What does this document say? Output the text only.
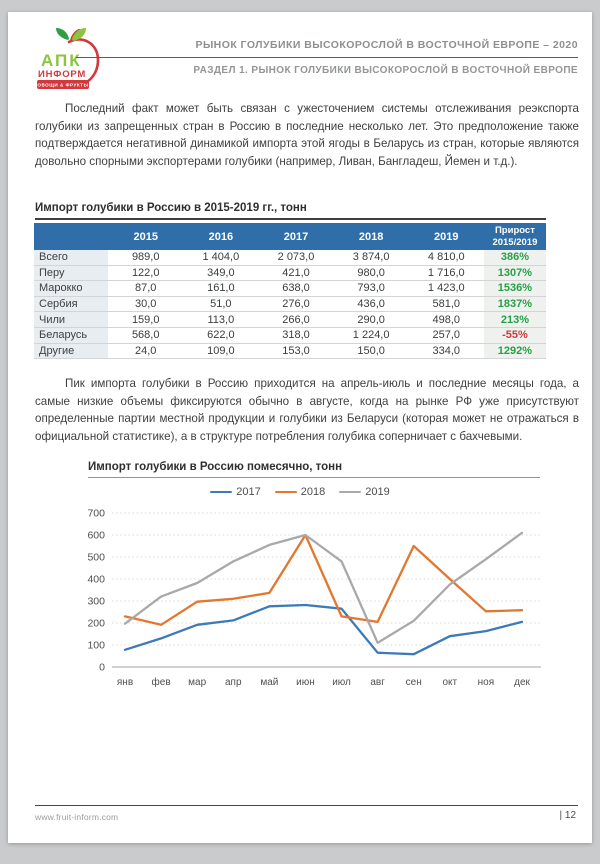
АПК
ИНФОРМ
ОВОЩИ & ФРУКТЫ
РЫНОК ГОЛУБИКИ ВЫСОКОРОСЛОЙ В ВОСТОЧНОЙ ЕВРОПЕ – 2020
РАЗДЕЛ 1. РЫНОК ГОЛУБИКИ ВЫСОКОРОСЛОЙ В ВОСТОЧНОЙ ЕВРОПЕ
Последний факт может быть связан с ужесточением системы отслеживания реэкспорта голубики из запрещенных стран в Россию в последние несколько лет. Это предположение также подтверждается негативной динамикой импорта этой ягоды в Беларусь из стран, которые являются довольно спорными экспортерами голубики (например, Ливан, Бангладеш, Йемен и т.д.).
Импорт голубики в Россию в 2015-2019 гг., тонн
	2015	2016	2017	2018	2019	Прирост
2015/2019
Всего	989,0	1 404,0	2 073,0	3 874,0	4 810,0	386%
Перу	122,0	349,0	421,0	980,0	1 716,0	1307%
Марокко	87,0	161,0	638,0	793,0	1 423,0	1536%
Сербия	30,0	51,0	276,0	436,0	581,0	1837%
Чили	159,0	113,0	266,0	290,0	498,0	213%
Беларусь	568,0	622,0	318,0	1 224,0	257,0	-55%
Другие	24,0	109,0	153,0	150,0	334,0	1292%
Пик импорта голубики в Россию приходится на апрель-июль и последние месяцы года, а самые низкие объемы фиксируются обычно в августе, когда на рынке РФ уже присутствуют определенные партии местной продукции и голубики из Беларуси (которая может не отражаться в официальной статистике), а в структуре потребления голубика соперничает с бахчевыми.
Импорт голубики в Россию помесячно, тонн
2017	2018	2019
0
100
200
300
400
500
600
700
янв фев мар апр май июн июл авг сен окт ноя дек
www.fruit-inform.com	| 12
